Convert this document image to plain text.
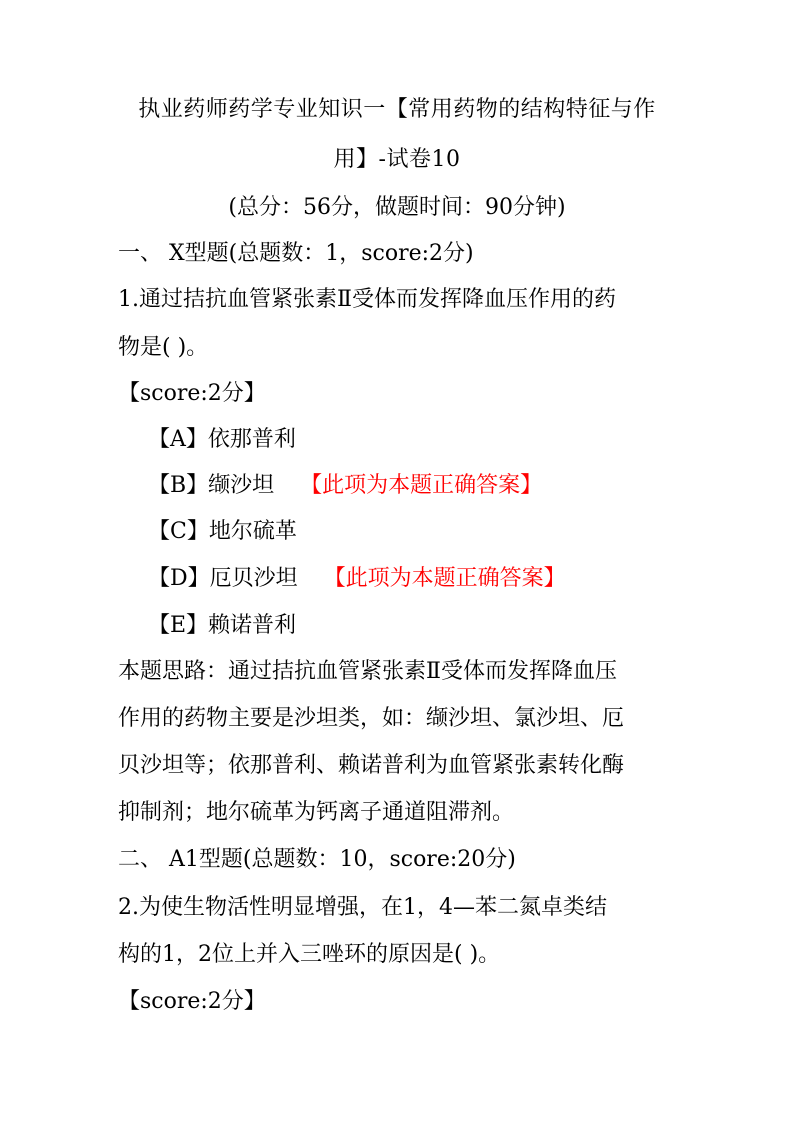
执业药师药学专业知识一【常用药物的结构特征与作
用】-试卷10
(总分：56分，做题时间：90分钟)
一、 X型题(总题数：1，score:2分)
1.通过拮抗血管紧张素Ⅱ受体而发挥降血压作用的药
物是( )。
【score:2分】
【A】依那普利
【B】缬沙坦 【此项为本题正确答案】
【C】地尔硫革
【D】厄贝沙坦 【此项为本题正确答案】
【E】赖诺普利
本题思路：通过拮抗血管紧张素Ⅱ受体而发挥降血压
作用的药物主要是沙坦类，如：缬沙坦、氯沙坦、厄
贝沙坦等；依那普利、赖诺普利为血管紧张素转化酶
抑制剂；地尔硫革为钙离子通道阻滞剂。
二、 A1型题(总题数：10，score:20分)
2.为使生物活性明显增强，在1，4—苯二氮卓类结
构的1，2位上并入三唑环的原因是( )。
【score:2分】
